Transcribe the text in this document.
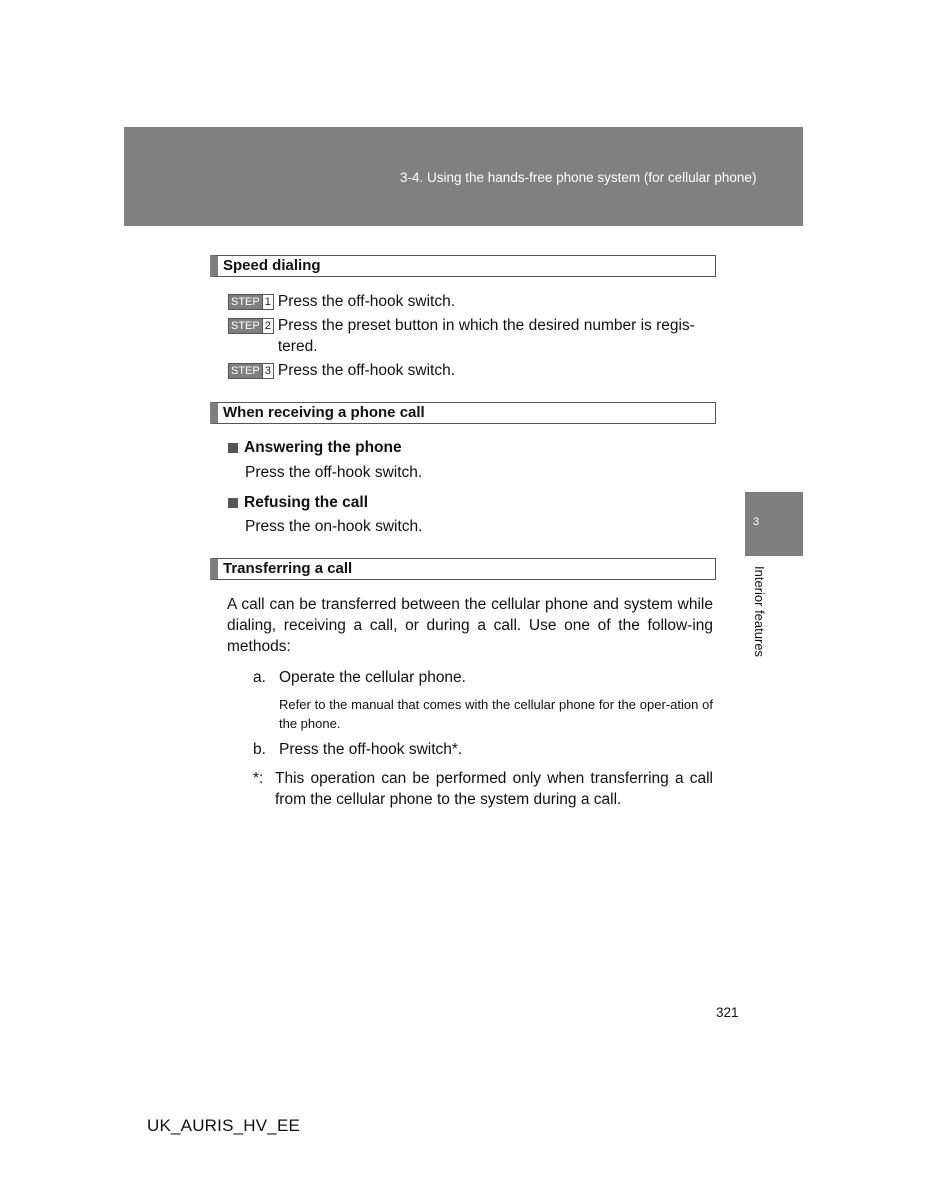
3-4. Using the hands-free phone system (for cellular phone)
Speed dialing
STEP 1 Press the off-hook switch.
STEP 2 Press the preset button in which the desired number is regis-tered.
STEP 3 Press the off-hook switch.
When receiving a phone call
Answering the phone
Press the off-hook switch.
Refusing the call
Press the on-hook switch.
Transferring a call
A call can be transferred between the cellular phone and system while dialing, receiving a call, or during a call. Use one of the follow-ing methods:
a. Operate the cellular phone.
Refer to the manual that comes with the cellular phone for the oper-ation of the phone.
b. Press the off-hook switch*.
*: This operation can be performed only when transferring a call from the cellular phone to the system during a call.
3
Interior features
321
UK_AURIS_HV_EE
